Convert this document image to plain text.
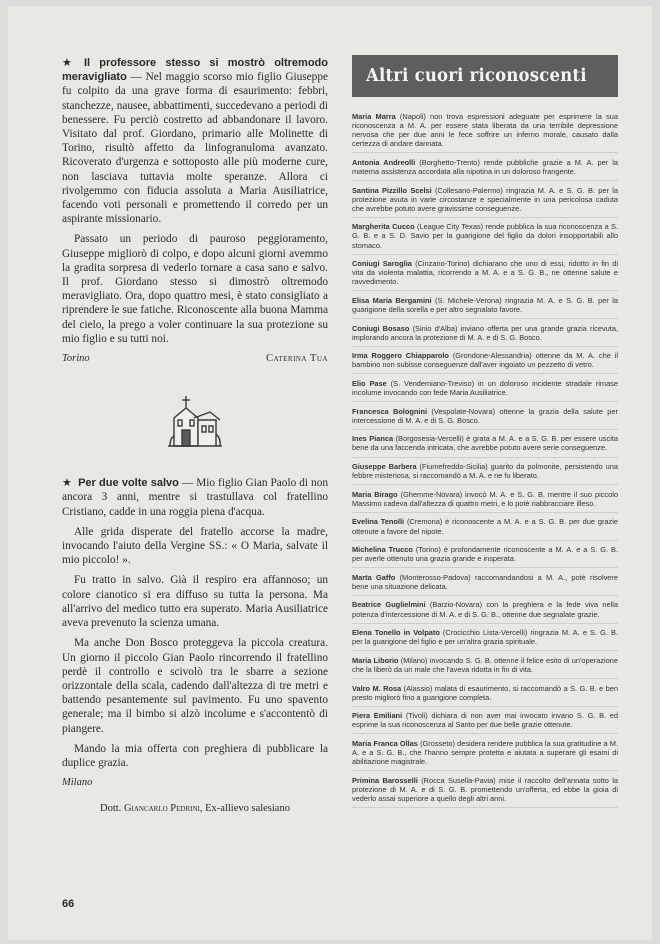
★ Il professore stesso si mostrò oltremodo meravigliato — Nel maggio scorso mio figlio Giuseppe fu colpito da una grave forma di esaurimento: febbri, stanchezze, nausee, abbattimenti, succedevano a periodi di benessere. Fu perciò costretto ad abbandonare il lavoro. Visitato dal prof. Giordano, primario alle Molinette di Torino, risultò affetto da linfogranuloma avanzato. Ricoverato d'urgenza e sottoposto alle più moderne cure, non lasciava tuttavia molte speranze. Allora ci rivolgemmo con fiducia assoluta a Maria Ausiliatrice, facendo voti personali e promettendo il corredo per un aspirante missionario.

Passato un periodo di pauroso peggioramento, Giuseppe migliorò di colpo, e dopo alcuni giorni avemmo la gradita sorpresa di vederlo tornare a casa sano e salvo. Il prof. Giordano stesso si dimostrò oltremodo meravigliato. Ora, dopo quattro mesi, è stato consigliato a riprendere le sue fatiche. Riconoscente alla buona Mamma del cielo, la prego a voler continuare la sua protezione su mio figlio e su tutti noi.

Torino	Caterina Tua

★ Per due volte salvo — Mio figlio Gian Paolo di non ancora 3 anni, mentre si trastullava col fratellino Cristiano, cadde in una roggia piena d'acqua.

Alle grida disperate del fratello accorse la madre, invocando l'aiuto della Vergine SS.: « O Maria, salvate il mio piccolo! ».

Fu tratto in salvo. Già il respiro era affannoso; un colore cianotico si era diffuso su tutta la persona. Ma all'arrivo del medico tutto era superato. Maria Ausiliatrice aveva prevenuto la scienza umana.

Ma anche Don Bosco proteggeva la piccola creatura. Un giorno il piccolo Gian Paolo rincorrendo il fratellino perdè il controllo e scivolò tra le sbarre a sezione orizzontale della scala, cadendo dall'altezza di tre metri e battendo pesantemente sul pavimento. Fu uno spavento generale; ma il bimbo si alzò incolume e s'accontentò di piangere.

Mando la mia offerta con preghiera di pubblicare la duplice grazia.

Milano
Dott. Giancarlo Pedrini, Ex-allievo salesiano
Altri cuori riconoscenti

Maria Marra (Napoli) non trova espressioni adeguate per esprimere la sua riconoscenza a M. A. per essere stata liberata da una terribile depressione nervosa che per due anni le fece soffrire un inferno morale, causato dalla certezza di andare dannata.

Antonia Andreolli (Borghetto-Trento) rende pubbliche grazie a M. A. per la materna assistenza accordata alla nipotina in un doloroso frangente.

Santina Pizzillo Scelsi (Collesano-Palermo) ringrazia M. A. e S. G. B. per la protezione avuta in varie circostanze e specialmente in una pericolosa caduta che avrebbe potuto avere gravissime conseguenze.

Margherita Cucco (League City Texas) rende pubblica la sua riconoscenza a S. G. B. e a S. D. Savio per la guarigione del figlio da dolori insopportabili allo stomaco.

Coniugi Saroglia (Cinzano-Torino) dichiarano che uno di essi, ridotto in fin di vita da violenta malattia, ricorrendo a M. A. e a S. G. B., ne ottenne salute e ravvedimento.

Elisa Maria Bergamini (S. Michele-Verona) ringrazia M. A. e S. G. B. per la guarigione della sorella e per altro segnalato favore.

Coniugi Bosaso (Sinio d'Alba) inviano offerta per una grande grazia ricevuta, implorando ancora la protezione di M. A. e di S. G. Bosco.

Irma Roggero Chiapparolo (Grondone-Alessandria) ottenne da M. A. che il bambino non subisse conseguenze dall'aver ingoiato un pezzetto di vetro.

Elio Pase (S. Vendemiano-Treviso) in un doloroso incidente stradale rimase incolume invocando con fede Maria Ausiliatrice.

Francesca Bolognini (Vespolate-Novara) ottenne la grazia della salute per intercessione di M. A. e di S. G. Bosco.

Ines Pianca (Borgosesia-Vercelli) è grata a M. A. e a S. G. B. per essere uscita bene da una faccenda intricata, che avrebbe potuto avere serie conseguenze.

Giuseppe Barbera (Fiumefreddo-Sicilia) guarito da polmonite, persistendo una febbre misteriosa, si raccomandò a M. A. e ne fu liberato.

Maria Birago (Ghemme-Novara) invocò M. A. e S. G. B. mentre il suo piccolo Massimo cadeva dall'altezza di quattro metri, e lo potè riabbracciare illeso.

Evelina Tenolli (Cremona) è riconoscente a M. A. e a S. G. B. per due grazie ottenute a favore del nipote.

Michelina Trucco (Torino) è profondamente riconoscente a M. A. e a S. G. B. per averle ottenuto una grazia grande e insperata.

Marta Gaffo (Monterosso-Padova) raccomandandosi a M. A., potè risolvere bene una situazione delicata.

Beatrice Guglielmini (Barzio-Novara) con la preghiera e la fede viva nella potenza d'intercessione di M. A. e di S. G. B., ottenne due segnalate grazie.

Elena Tonello in Volpato (Crocicchio Lista-Vercelli) ringrazia M. A. e S. G. B. per la guarigione del figlio e per un'altra grazia spirituale.

Maria Liborio (Milano) invocando S. G. B. ottenne il felice esito di un'operazione che la liberò da un male che l'aveva ridotta in fin di vita.

Valro M. Rosa (Alassio) malata di esaurimento, si raccomandò a S. G. B. e ben presto migliorò fino a guarigione completa.

Piera Emiliani (Tivoli) dichiara di non aver mai invocato invano S. G. B. ed esprime la sua riconoscenza al Santo per due belle grazie ottenute.

Maria Franca Ollas (Grosseto) desidera rendere pubblica la sua gratitudine a M. A. e a S. G. B., che l'hanno sempre protetta e aiutata a superare gli esami di abilitazione magistrale.

Primina Barosselli (Rocca Susella-Pavia) mise il raccolto dell'annata sotto la protezione di M. A. e di S. G. B. promettendo un'offerta, ed ebbe la gioia di vederlo assai superiore a quello degli altri anni.

66
